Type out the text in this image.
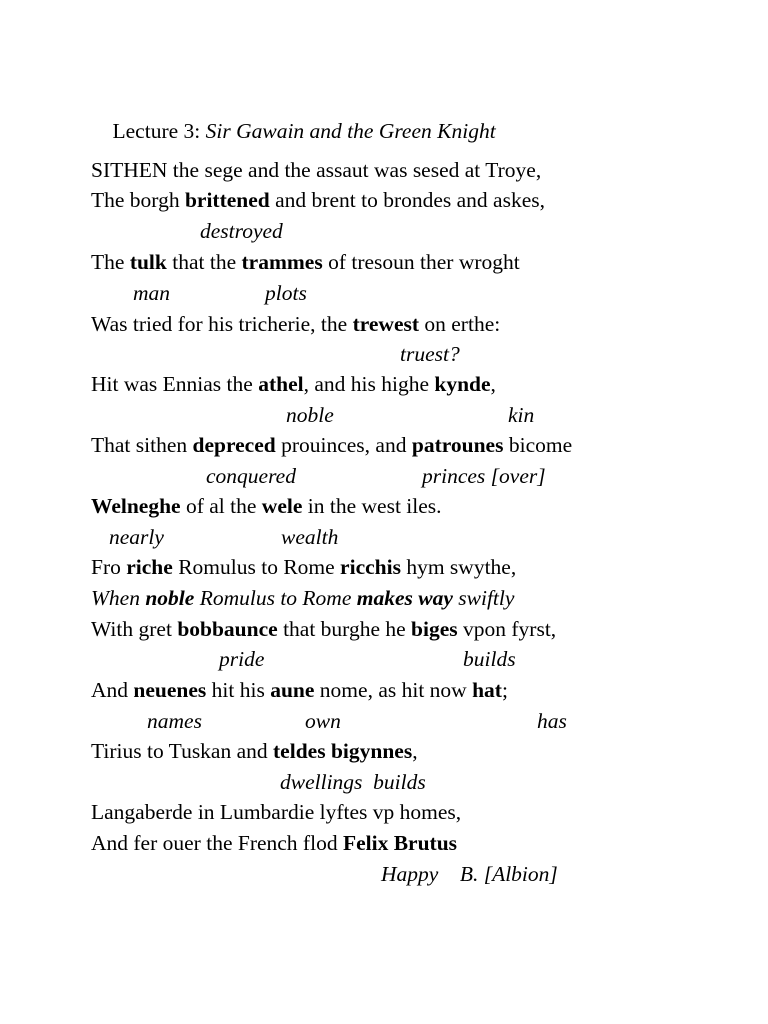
Lecture 3: Sir Gawain and the Green Knight

SITHEN the sege and the assaut was sesed at Troye,
The borgh brittened and brent to brondes and askes,
destroyed
The tulk that the trammes of tresoun ther wroght
man	plots
Was tried for his tricherie, the trewest on erthe:
truest?
Hit was Ennias the athel, and his highe kynde,
noble	kin
That sithen depreced prouinces, and patrounes bicome
conquered	princes [over]
Welneghe of al the wele in the west iles.
nearly	wealth
Fro riche Romulus to Rome ricchis hym swythe,
When noble Romulus to Rome makes way swiftly
With gret bobbaunce that burghe he biges vpon fyrst,
pride	builds
And neuenes hit his aune nome, as hit now hat;
names	own	has
Tirius to Tuskan and teldes bigynnes,
dwellings  builds
Langaberde in Lumbardie lyftes vp homes,
And fer ouer the French flod Felix Brutus
Happy    B. [Albion]
